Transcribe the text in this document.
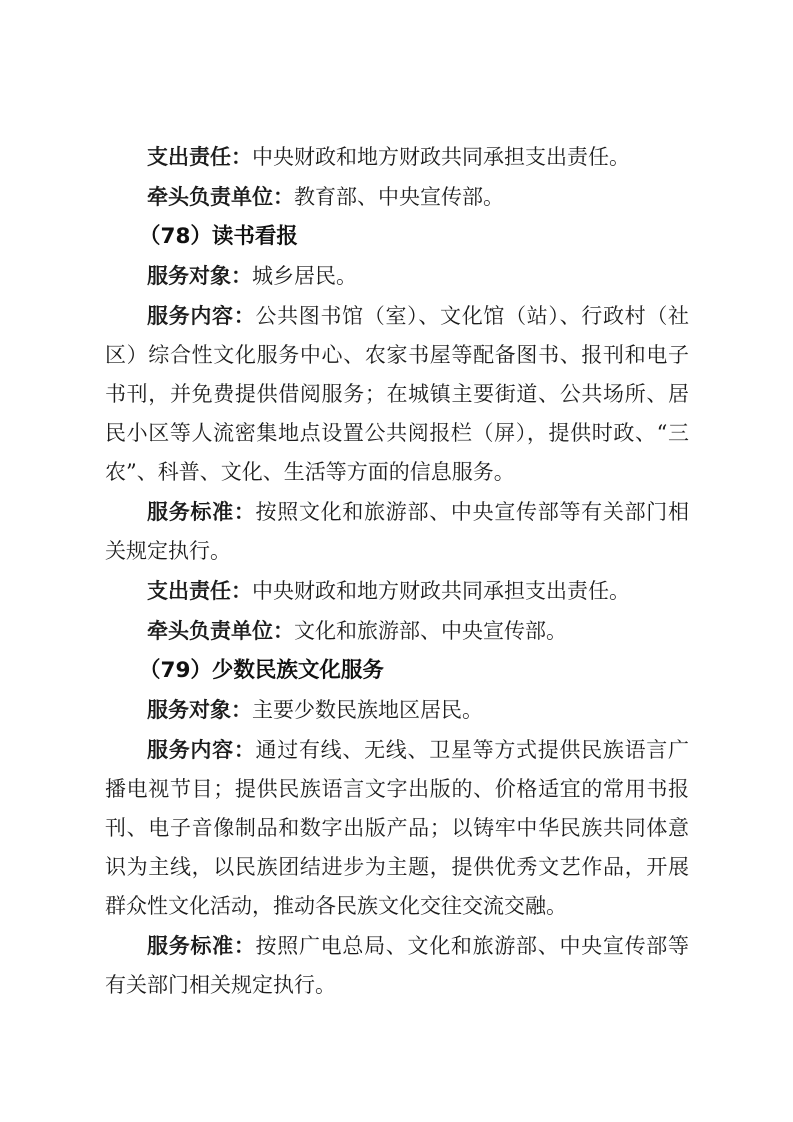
支出责任：中央财政和地方财政共同承担支出责任。

牵头负责单位：教育部、中央宣传部。

（78）读书看报

服务对象：城乡居民。

服务内容：公共图书馆（室）、文化馆（站）、行政村（社区）综合性文化服务中心、农家书屋等配备图书、报刊和电子书刊，并免费提供借阅服务；在城镇主要街道、公共场所、居民小区等人流密集地点设置公共阅报栏（屏），提供时政、“三农”、科普、文化、生活等方面的信息服务。

服务标准：按照文化和旅游部、中央宣传部等有关部门相关规定执行。

支出责任：中央财政和地方财政共同承担支出责任。

牵头负责单位：文化和旅游部、中央宣传部。

（79）少数民族文化服务

服务对象：主要少数民族地区居民。

服务内容：通过有线、无线、卫星等方式提供民族语言广播电视节目；提供民族语言文字出版的、价格适宜的常用书报刊、电子音像制品和数字出版产品；以铸牢中华民族共同体意识为主线，以民族团结进步为主题，提供优秀文艺作品，开展群众性文化活动，推动各民族文化交往交流交融。

服务标准：按照广电总局、文化和旅游部、中央宣传部等有关部门相关规定执行。
